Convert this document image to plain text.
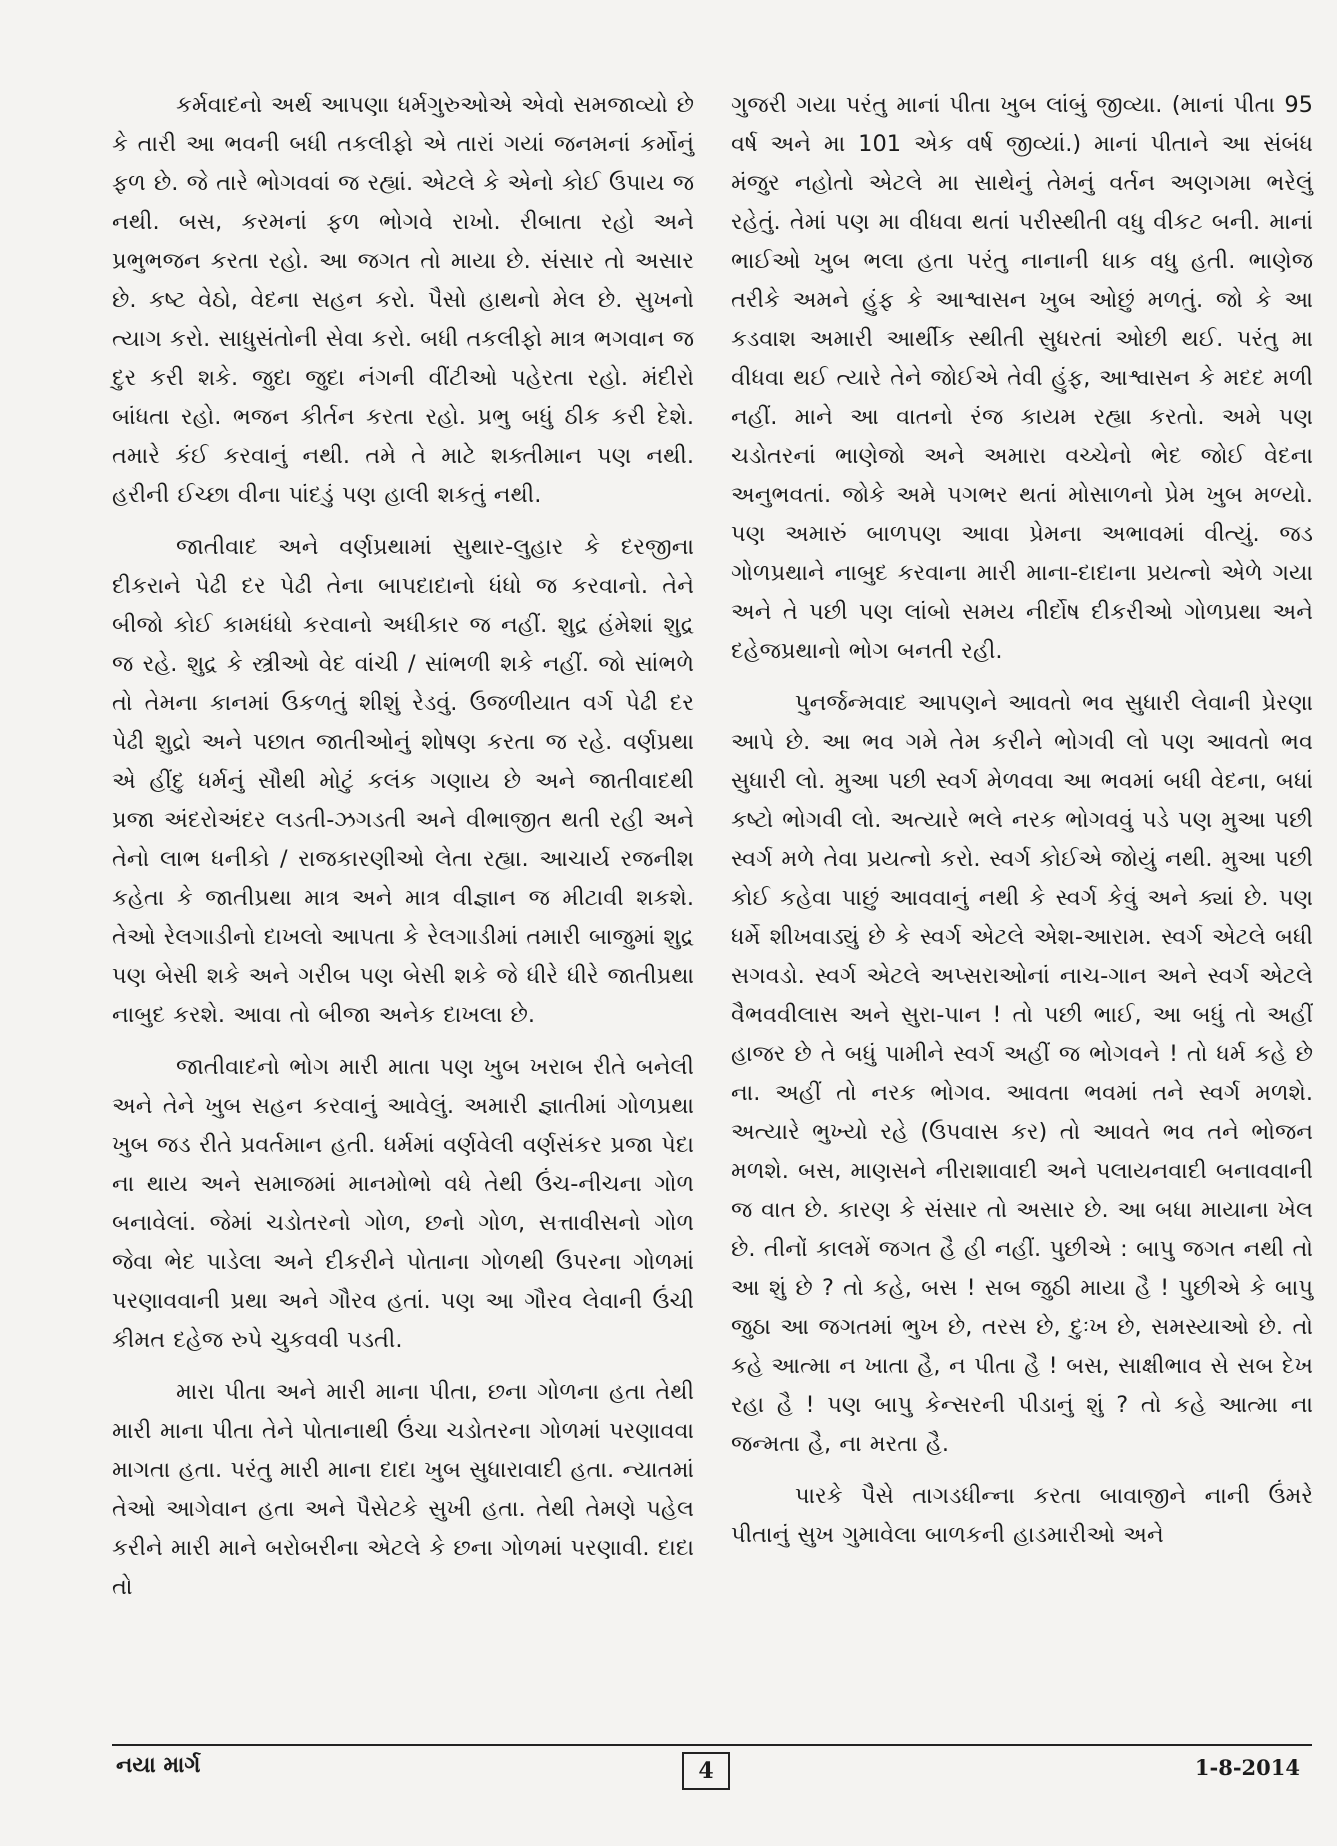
કર્મવાદનો અર્થ આપણા ધર્મગુરુઓએ એવો સમજાવ્યો છે કે તારી આ ભવની બધી તકલીફો એ તારાં ગયાં જનમનાં કર્મોનું ફળ છે. જે તારે ભોગવવાં જ રહ્યાં. એટલે કે એનો કોઈ ઉપાય જ નથી. બસ, કરમનાં ફળ ભોગવે રાખો. રીબાતા રહો અને પ્રભુભજન કરતા રહો. આ જગત તો માયા છે. સંસાર તો અસાર છે. કષ્ટ વેઠો, વેદના સહન કરો. પૈસો હાથનો મેલ છે. સુખનો ત્યાગ કરો. સાધુસંતોની સેવા કરો. બધી તકલીફો માત્ર ભગવાન જ દુર કરી શકે. જુદા જુદા નંગની વીંટીઓ પહેરતા રહો. મંદીરો બાંધતા રહો. ભજન કીર્તન કરતા રહો. પ્રભુ બધું ઠીક કરી દેશે. તમારે કંઈ કરવાનું નથી. તમે તે માટે શક્તીમાન પણ નથી. હરીની ઈચ્છા વીના પાંદડું પણ હાલી શકતું નથી.

જાતીવાદ અને વર્ણપ્રથામાં સુથાર-લુહાર કે દરજીના દીકરાને પેઢી દર પેઢી તેના બાપદાદાનો ધંધો જ કરવાનો. તેને બીજો કોઈ કામધંધો કરવાનો અધીકાર જ નહીં. શુદ્ર હંમેશાં શુદ્ર જ રહે. શુદ્ર કે સ્ત્રીઓ વેદ વાંચી / સાંભળી શકે નહીં. જો સાંભળે તો તેમના કાનમાં ઉકળતું શીશું રેડવું. ઉજળીયાત વર્ગ પેઢી દર પેઢી શુદ્રો અને પછાત જાતીઓનું શોષણ કરતા જ રહે. વર્ણપ્રથા એ હીંદુ ધર્મનું સૌથી મોટું કલંક ગણાય છે અને જાતીવાદથી પ્રજા અંદરોઅંદર લડતી-ઝગડતી અને વીભાજીત થતી રહી અને તેનો લાભ ધનીકો / રાજકારણીઓ લેતા રહ્યા. આચાર્ય રજનીશ કહેતા કે જાતીપ્રથા માત્ર અને માત્ર વીજ્ઞાન જ મીટાવી શકશે. તેઓ રેલગાડીનો દાખલો આપતા કે રેલગાડીમાં તમારી બાજુમાં શુદ્ર પણ બેસી શકે અને ગરીબ પણ બેસી શકે જે ધીરે ધીરે જાતીપ્રથા નાબુદ કરશે. આવા તો બીજા અનેક દાખલા છે.

જાતીવાદનો ભોગ મારી માતા પણ ખુબ ખરાબ રીતે બનેલી અને તેને ખુબ સહન કરવાનું આવેલું. અમારી જ્ઞાતીમાં ગોળપ્રથા ખુબ જડ રીતે પ્રવર્તમાન હતી. ધર્મમાં વર્ણવેલી વર્ણસંકર પ્રજા પેદા ના થાય અને સમાજમાં માનમોભો વધે તેથી ઉંચ-નીચના ગોળ બનાવેલાં. જેમાં ચડોતરનો ગોળ, છનો ગોળ, સત્તાવીસનો ગોળ જેવા ભેદ પાડેલા અને દીકરીને પોતાના ગોળથી ઉપરના ગોળમાં પરણાવવાની પ્રથા અને ગૌરવ હતાં. પણ આ ગૌરવ લેવાની ઉંચી કીમત દહેજ રુપે ચુકવવી પડતી.

મારા પીતા અને મારી માના પીતા, છના ગોળના હતા તેથી મારી માના પીતા તેને પોતાનાથી ઉંચા ચડોતરના ગોળમાં પરણાવવા માગતા હતા. પરંતુ મારી માના દાદા ખુબ સુધારાવાદી હતા. ન્યાતમાં તેઓ આગેવાન હતા અને પૈસેટકે સુખી હતા. તેથી તેમણે પહેલ કરીને મારી માને બરોબરીના એટલે કે છના ગોળમાં પરણાવી. દાદા તો

ગુજરી ગયા પરંતુ માનાં પીતા ખુબ લાંબું જીવ્યા. (માનાં પીતા 95 વર્ષ અને મા 101 એક વર્ષ જીવ્યાં.) માનાં પીતાને આ સંબંધ મંજુર નહોતો એટલે મા સાથેનું તેમનું વર્તન અણગમા ભરેલું રહેતું. તેમાં પણ મા વીધવા થતાં પરીસ્થીતી વધુ વીકટ બની. માનાં ભાઈઓ ખુબ ભલા હતા પરંતુ નાનાની ધાક વધુ હતી. ભાણેજ તરીકે અમને હુંફ કે આશ્વાસન ખુબ ઓછું મળતું. જો કે આ કડવાશ અમારી આર્થીક સ્થીતી સુધરતાં ઓછી થઈ. પરંતુ મા વીધવા થઈ ત્યારે તેને જોઈએ તેવી હુંફ, આશ્વાસન કે મદદ મળી નહીં. માને આ વાતનો રંજ કાયમ રહ્યા કરતો. અમે પણ ચડોતરનાં ભાણેજો અને અમારા વચ્ચેનો ભેદ જોઈ વેદના અનુભવતાં. જોકે અમે પગભર થતાં મોસાળનો પ્રેમ ખુબ મળ્યો. પણ અમારું બાળપણ આવા પ્રેમના અભાવમાં વીત્યું. જડ ગોળપ્રથાને નાબુદ કરવાના મારી માના-દાદાના પ્રયત્નો એળે ગયા અને તે પછી પણ લાંબો સમય નીર્દોષ દીકરીઓ ગોળપ્રથા અને દહેજપ્રથાનો ભોગ બનતી રહી.

પુનર્જન્મવાદ આપણને આવતો ભવ સુધારી લેવાની પ્રેરણા આપે છે. આ ભવ ગમે તેમ કરીને ભોગવી લો પણ આવતો ભવ સુધારી લો. મુઆ પછી સ્વર્ગ મેળવવા આ ભવમાં બધી વેદના, બધાં કષ્ટો ભોગવી લો. અત્યારે ભલે નરક ભોગવવું પડે પણ મુઆ પછી સ્વર્ગ મળે તેવા પ્રયત્નો કરો. સ્વર્ગ કોઈએ જોયું નથી. મુઆ પછી કોઈ કહેવા પાછું આવવાનું નથી કે સ્વર્ગ કેવું અને ક્યાં છે. પણ ધર્મે શીખવાડ્યું છે કે સ્વર્ગ એટલે એશ-આરામ. સ્વર્ગ એટલે બધી સગવડો. સ્વર્ગ એટલે અપ્સરાઓનાં નાચ-ગાન અને સ્વર્ગ એટલે વૈભવવીલાસ અને સુરા-પાન ! તો પછી ભાઈ, આ બધું તો અહીં હાજર છે તે બધું પામીને સ્વર્ગ અહીં જ ભોગવને ! તો ધર્મ કહે છે ના. અહીં તો નરક ભોગવ. આવતા ભવમાં તને સ્વર્ગ મળશે. અત્યારે ભુખ્યો રહે (ઉપવાસ કર) તો આવતે ભવ તને ભોજન મળશે. બસ, માણસને નીરાશાવાદી અને પલાયનવાદી બનાવવાની જ વાત છે. કારણ કે સંસાર તો અસાર છે. આ બધા માયાના ખેલ છે. તીનોં કાલમેં જગત હૈ હી નહીં. પુછીએ : બાપુ જગત નથી તો આ શું છે ? તો કહે, બસ ! સબ જુઠી માયા હૈ ! પુછીએ કે બાપુ જુઠા આ જગતમાં ભુખ છે, તરસ છે, દુઃખ છે, સમસ્યાઓ છે. તો કહે આત્મા ન ખાતા હૈ, ન પીતા હૈ ! બસ, સાક્ષીભાવ સે સબ દેખ રહા હૈ ! પણ બાપુ કેન્સરની પીડાનું શું ? તો કહે આત્મા ના જન્મતા હૈ, ના મરતા હૈ.

પારકે પૈસે તાગડધીન્ના કરતા બાવાજીને નાની ઉંમરે પીતાનું સુખ ગુમાવેલા બાળકની હાડમારીઓ અને

નયા માર્ગ	4	1-8-2014
